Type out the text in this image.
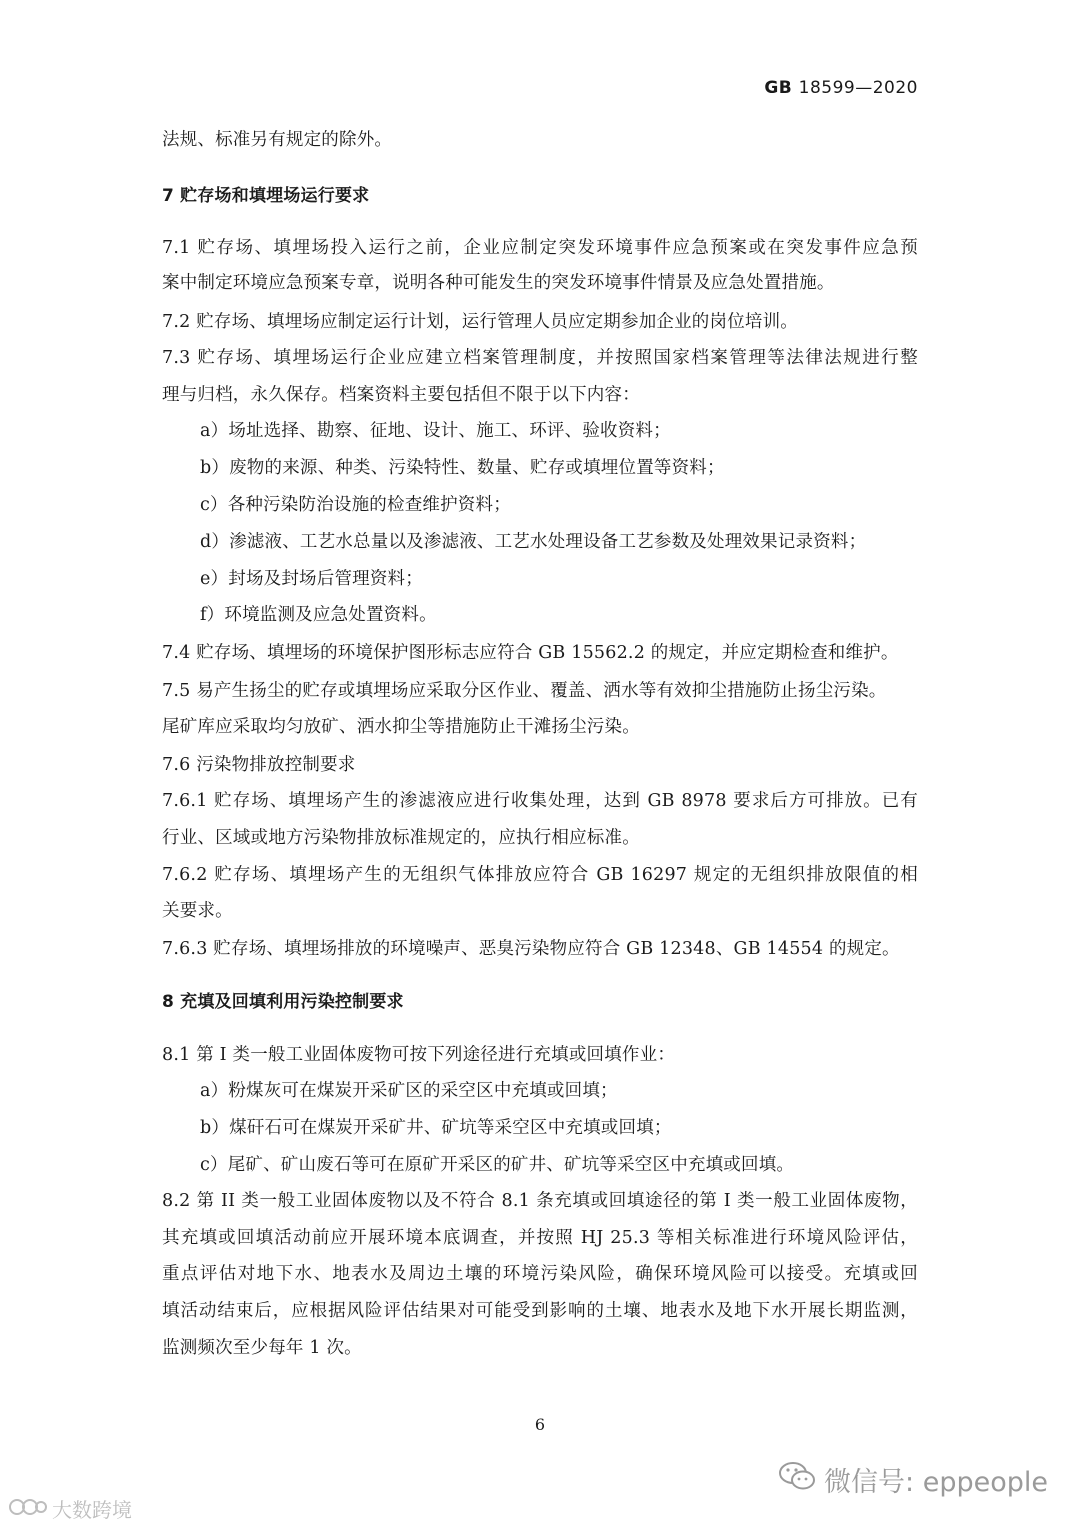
GB 18599—2020
法规、标准另有规定的除外。
7 贮存场和填埋场运行要求
7.1 贮存场、填埋场投入运行之前，企业应制定突发环境事件应急预案或在突发事件应急预
案中制定环境应急预案专章，说明各种可能发生的突发环境事件情景及应急处置措施。
7.2 贮存场、填埋场应制定运行计划，运行管理人员应定期参加企业的岗位培训。
7.3 贮存场、填埋场运行企业应建立档案管理制度，并按照国家档案管理等法律法规进行整
理与归档，永久保存。档案资料主要包括但不限于以下内容：
a）场址选择、勘察、征地、设计、施工、环评、验收资料；
b）废物的来源、种类、污染特性、数量、贮存或填埋位置等资料；
c）各种污染防治设施的检查维护资料；
d）渗滤液、工艺水总量以及渗滤液、工艺水处理设备工艺参数及处理效果记录资料；
e）封场及封场后管理资料；
f）环境监测及应急处置资料。
7.4 贮存场、填埋场的环境保护图形标志应符合 GB 15562.2 的规定，并应定期检查和维护。
7.5 易产生扬尘的贮存或填埋场应采取分区作业、覆盖、洒水等有效抑尘措施防止扬尘污染。
尾矿库应采取均匀放矿、洒水抑尘等措施防止干滩扬尘污染。
7.6 污染物排放控制要求
7.6.1 贮存场、填埋场产生的渗滤液应进行收集处理，达到 GB 8978 要求后方可排放。已有
行业、区域或地方污染物排放标准规定的，应执行相应标准。
7.6.2 贮存场、填埋场产生的无组织气体排放应符合 GB 16297 规定的无组织排放限值的相
关要求。
7.6.3 贮存场、填埋场排放的环境噪声、恶臭污染物应符合 GB 12348、GB 14554 的规定。
8 充填及回填利用污染控制要求
8.1 第 I 类一般工业固体废物可按下列途径进行充填或回填作业：
a）粉煤灰可在煤炭开采矿区的采空区中充填或回填；
b）煤矸石可在煤炭开采矿井、矿坑等采空区中充填或回填；
c）尾矿、矿山废石等可在原矿开采区的矿井、矿坑等采空区中充填或回填。
8.2 第 II 类一般工业固体废物以及不符合 8.1 条充填或回填途径的第 I 类一般工业固体废物，
其充填或回填活动前应开展环境本底调查，并按照 HJ 25.3 等相关标准进行环境风险评估，
重点评估对地下水、地表水及周边土壤的环境污染风险，确保环境风险可以接受。充填或回
填活动结束后，应根据风险评估结果对可能受到影响的土壤、地表水及地下水开展长期监测，
监测频次至少每年 1 次。
6
大数跨境
微信号: eppeople
